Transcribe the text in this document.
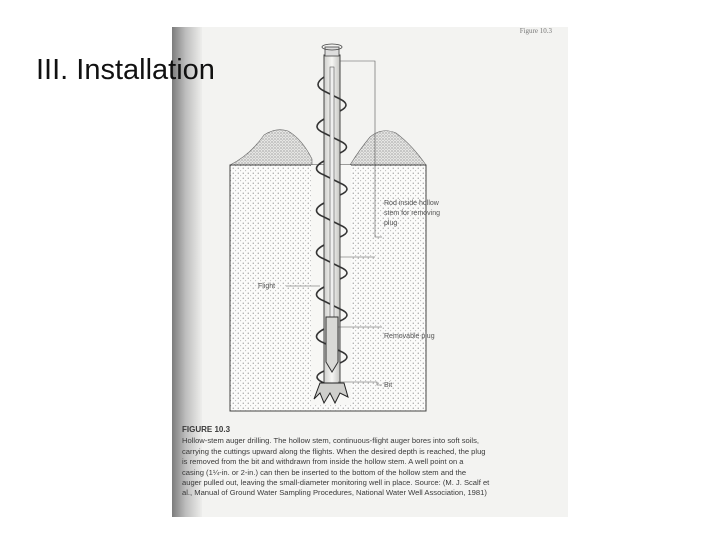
III. Installation
Figure 10.3
Rod inside hollow
stem for removing
plug
Flight
Removable plug
Bit
FIGURE 10.3
Hollow-stem auger drilling. The hollow stem, continuous-flight auger bores into soft soils,
carrying the cuttings upward along the flights. When the desired depth is reached, the plug
is removed from the bit and withdrawn from inside the hollow stem. A well point on a
casing (1¼-in. or 2-in.) can then be inserted to the bottom of the hollow stem and the
auger pulled out, leaving the small-diameter monitoring well in place. Source: (M. J. Scalf et
al., Manual of Ground Water Sampling Procedures, National Water Well Association, 1981)
